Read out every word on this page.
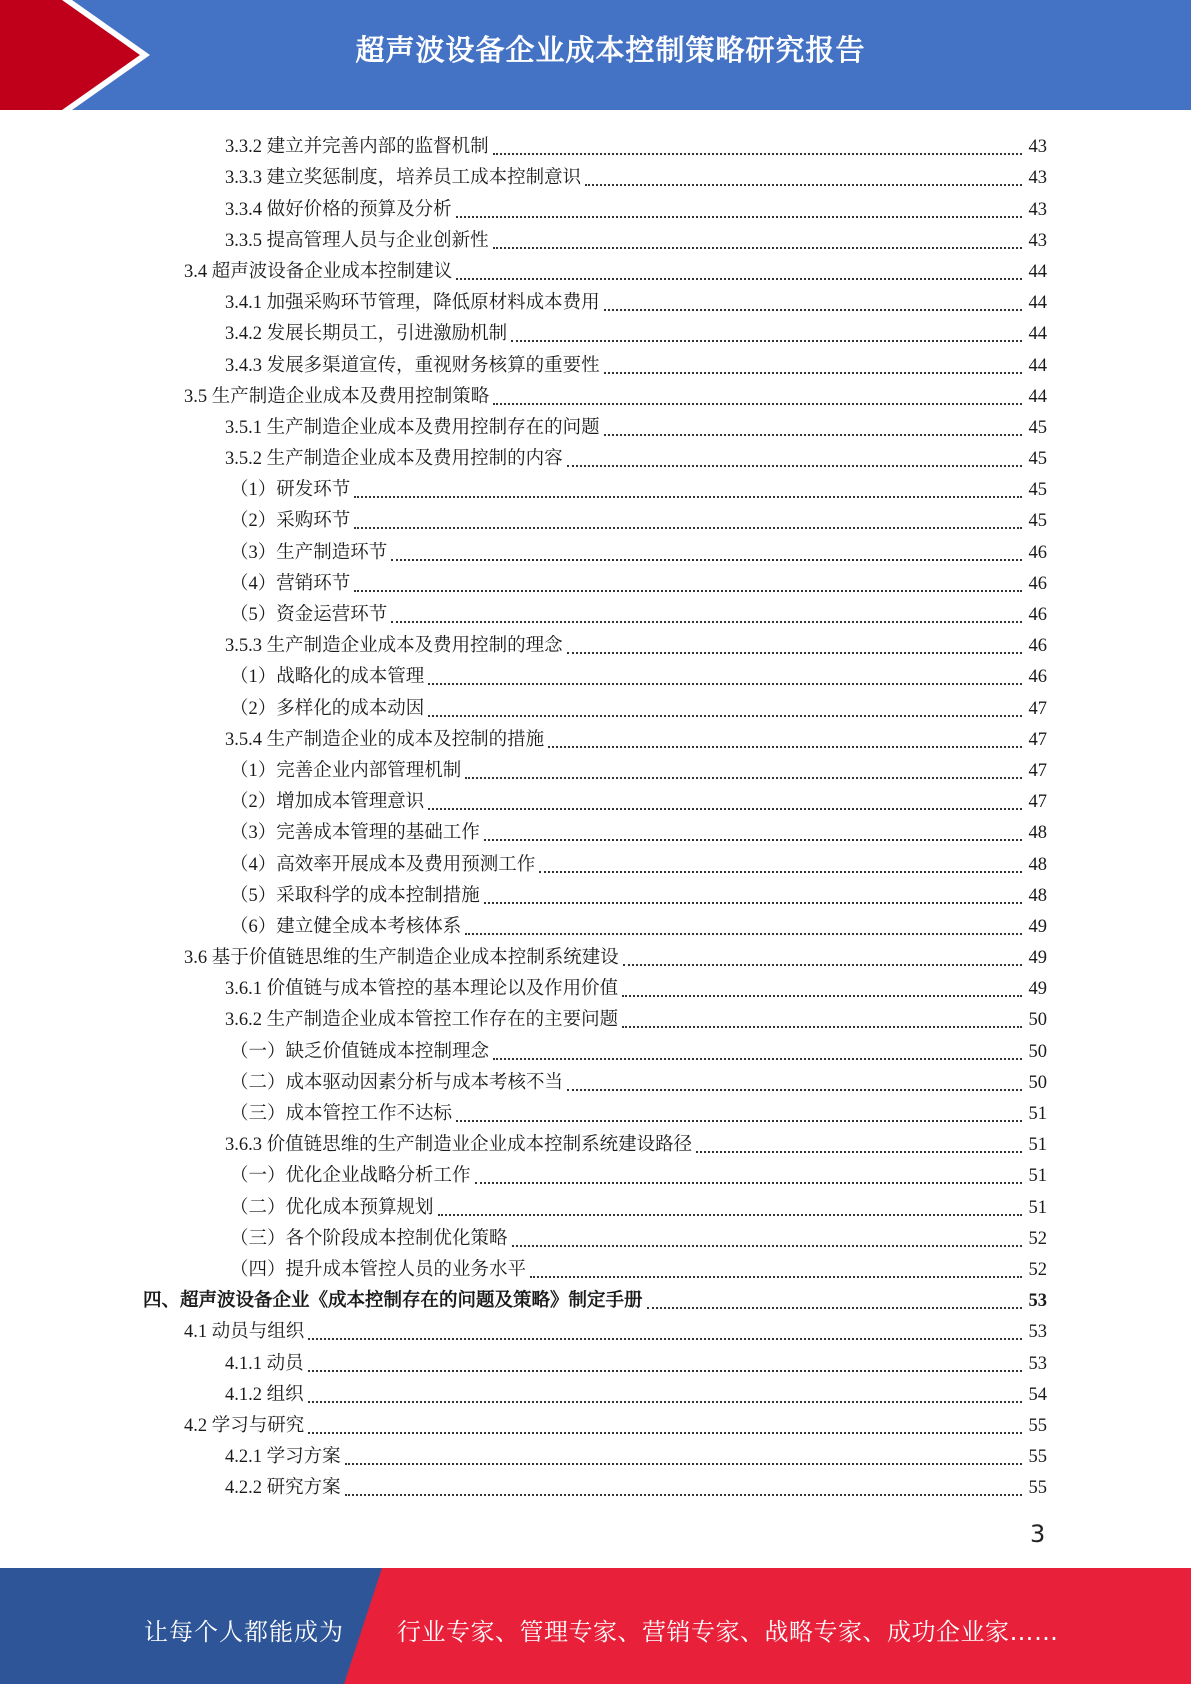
超声波设备企业成本控制策略研究报告
3.3.2 建立并完善内部的监督机制	43
3.3.3 建立奖惩制度，培养员工成本控制意识	43
3.3.4 做好价格的预算及分析	43
3.3.5 提高管理人员与企业创新性	43
3.4 超声波设备企业成本控制建议	44
3.4.1 加强采购环节管理，降低原材料成本费用	44
3.4.2 发展长期员工，引进激励机制	44
3.4.3 发展多渠道宣传，重视财务核算的重要性	44
3.5 生产制造企业成本及费用控制策略	44
3.5.1 生产制造企业成本及费用控制存在的问题	45
3.5.2 生产制造企业成本及费用控制的内容	45
（1）研发环节	45
（2）采购环节	45
（3）生产制造环节	46
（4）营销环节	46
（5）资金运营环节	46
3.5.3 生产制造企业成本及费用控制的理念	46
（1）战略化的成本管理	46
（2）多样化的成本动因	47
3.5.4 生产制造企业的成本及控制的措施	47
（1）完善企业内部管理机制	47
（2）增加成本管理意识	47
（3）完善成本管理的基础工作	48
（4）高效率开展成本及费用预测工作	48
（5）采取科学的成本控制措施	48
（6）建立健全成本考核体系	49
3.6 基于价值链思维的生产制造企业成本控制系统建设	49
3.6.1 价值链与成本管控的基本理论以及作用价值	49
3.6.2 生产制造企业成本管控工作存在的主要问题	50
（一）缺乏价值链成本控制理念	50
（二）成本驱动因素分析与成本考核不当	50
（三）成本管控工作不达标	51
3.6.3 价值链思维的生产制造业企业成本控制系统建设路径	51
（一）优化企业战略分析工作	51
（二）优化成本预算规划	51
（三）各个阶段成本控制优化策略	52
（四）提升成本管控人员的业务水平	52
四、超声波设备企业《成本控制存在的问题及策略》制定手册	53
4.1 动员与组织	53
4.1.1 动员	53
4.1.2 组织	54
4.2 学习与研究	55
4.2.1 学习方案	55
4.2.2 研究方案	55
3
让每个人都能成为 行业专家、管理专家、营销专家、战略专家、成功企业家……
